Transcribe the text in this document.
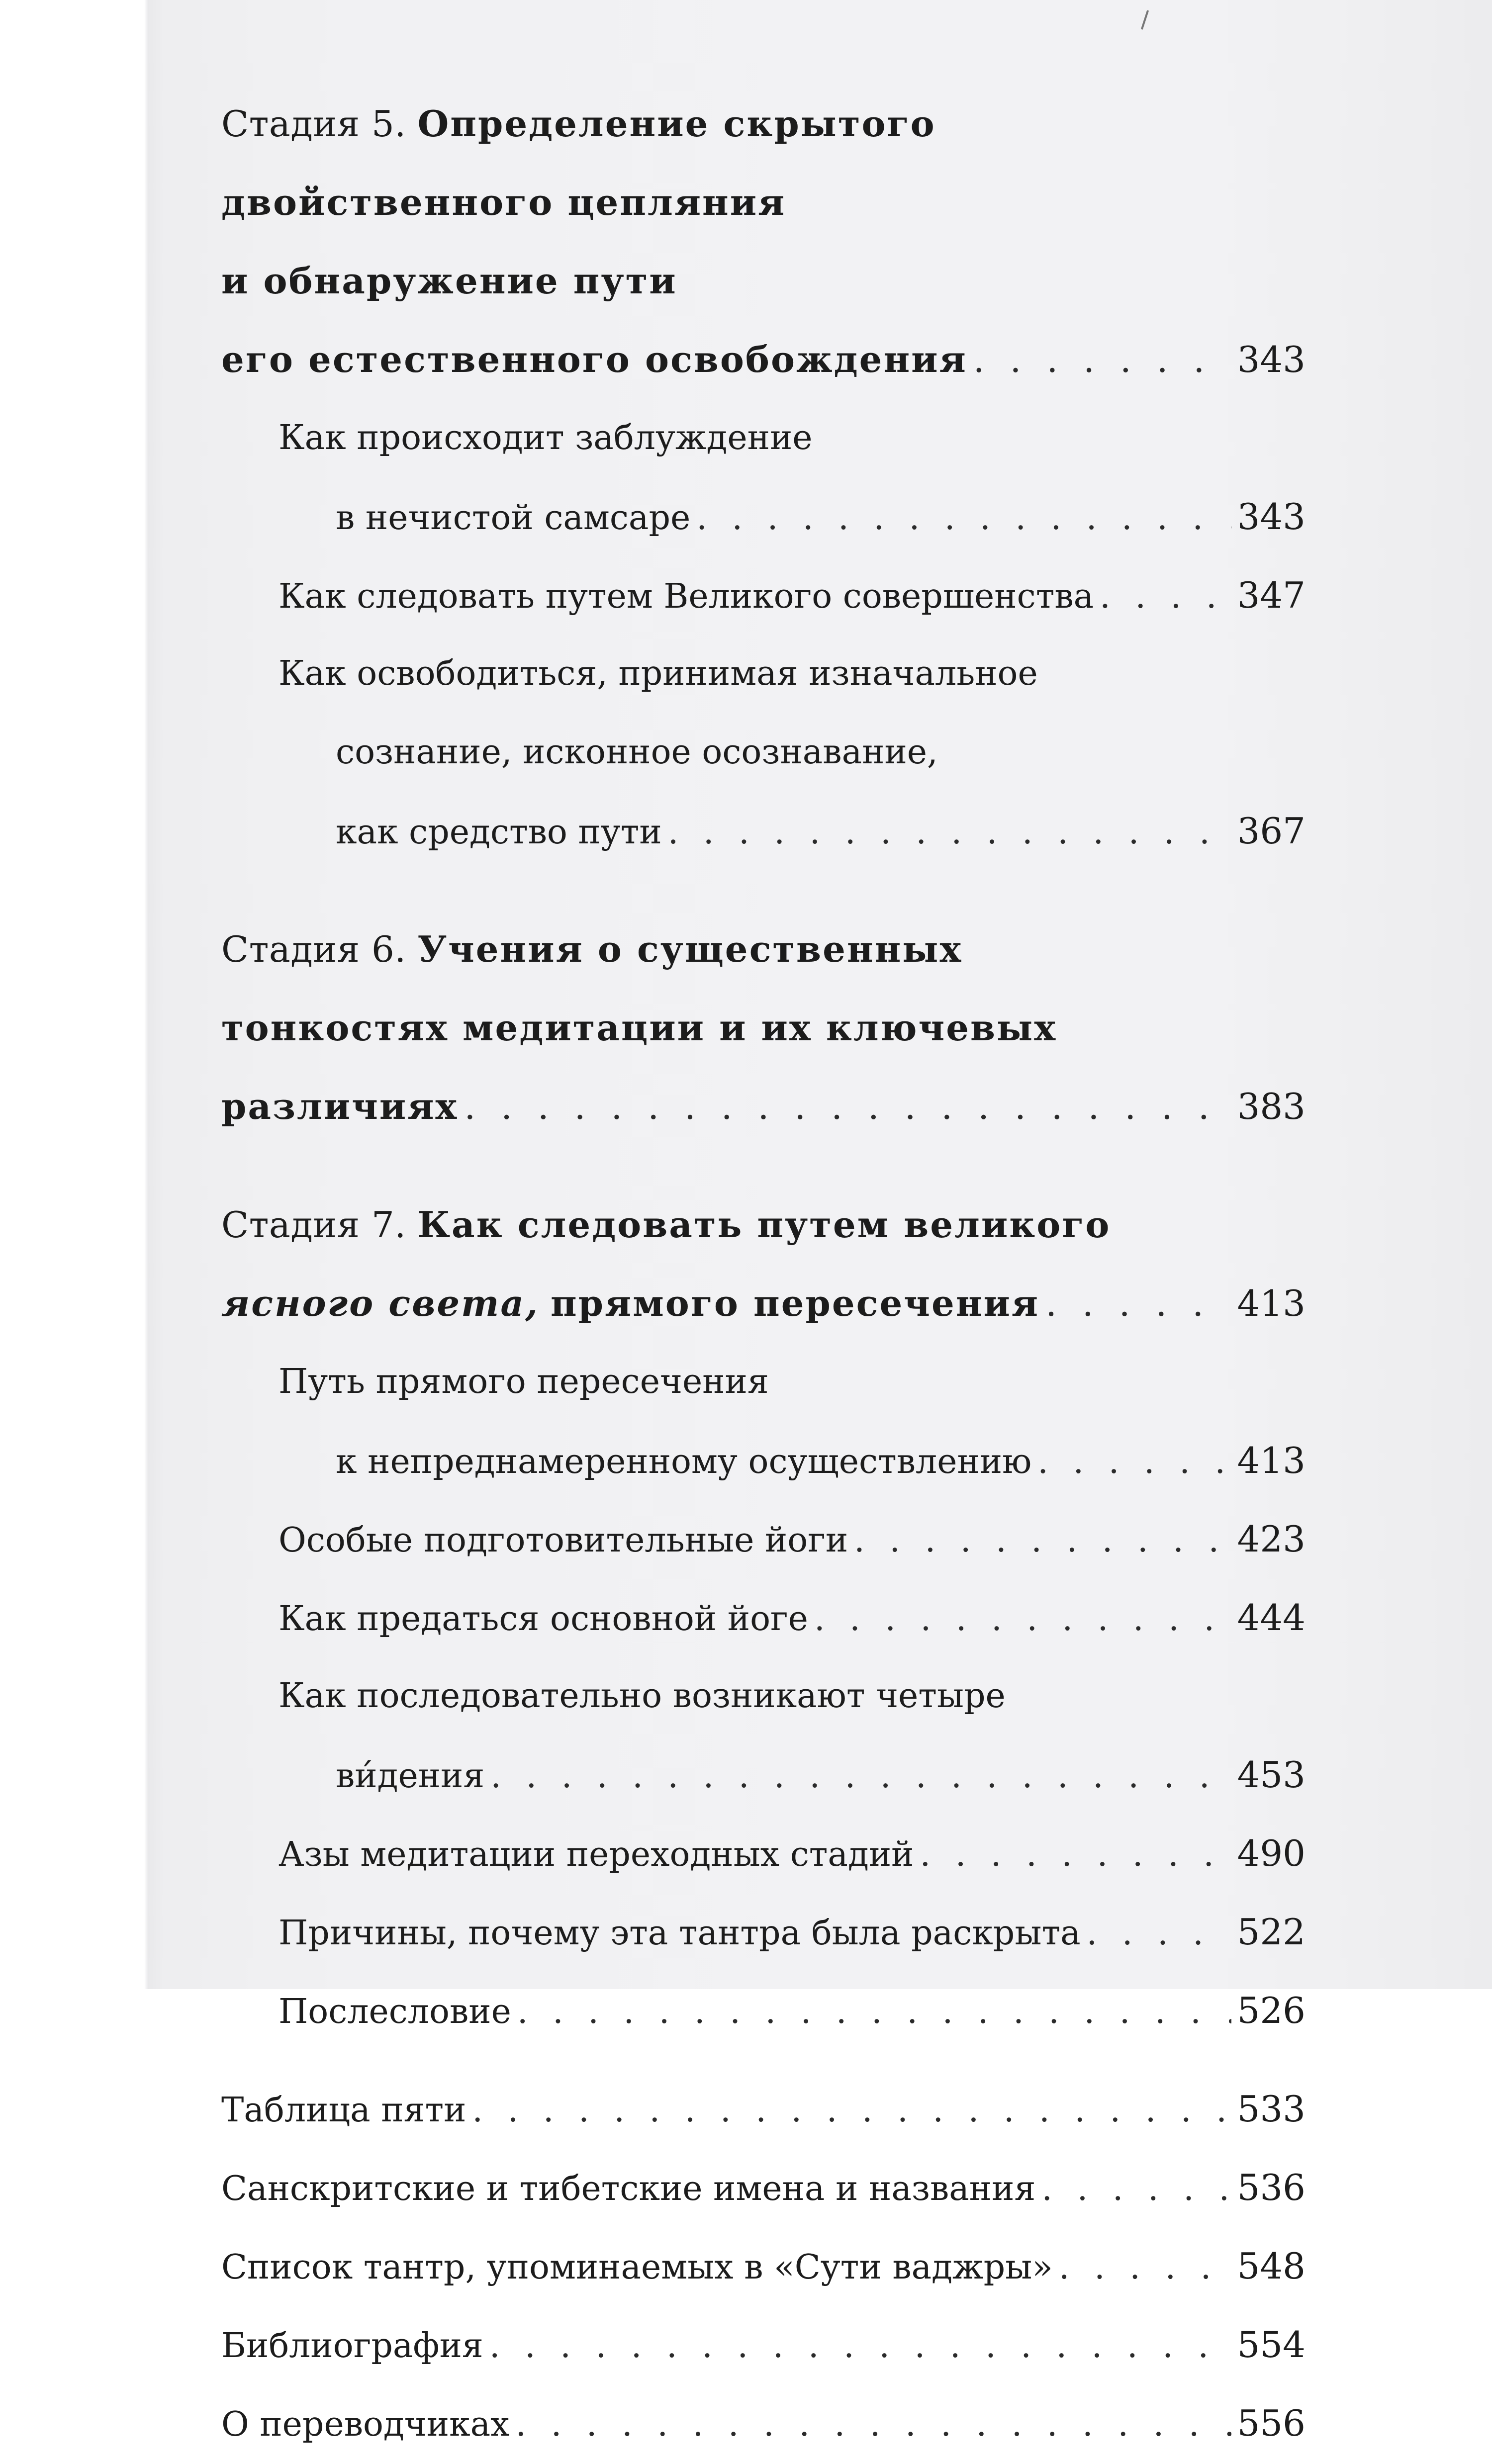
Стадия 5.
Определение скрытого
двойственного цепляния
и обнаружение пути
его естественного освобождения . . .	343
Как происходит заблуждение
в нечистой самсаре . . .	343
Как следовать путем Великого совершенства . . .	347
Как освободиться, принимая изначальное
сознание, исконное осознавание,
как средство пути . . .	367
Стадия 6.
Учения о существенных
тонкостях медитации и их ключевых
различиях . . .	383
Стадия 7.
Как следовать путем великого
ясного света,
прямого пересечения . . .	413
Путь прямого пересечения
к непреднамеренному осуществлению . . .	413
Особые подготовительные йоги . . .	423
Как предаться основной йоге . . .	444
Как последовательно возникают четыре
ви́дения . . .	453
Азы медитации переходных стадий . . .	490
Причины, почему эта тантра была раскрыта . . .	522
Послесловие . . .	526
Таблица пяти . . .	533
Санскритские и тибетские имена и названия . . .	536
Список тантр, упоминаемых в «Сути ваджры» . . .	548
Библиография . . .	554
О переводчиках . . .	556
